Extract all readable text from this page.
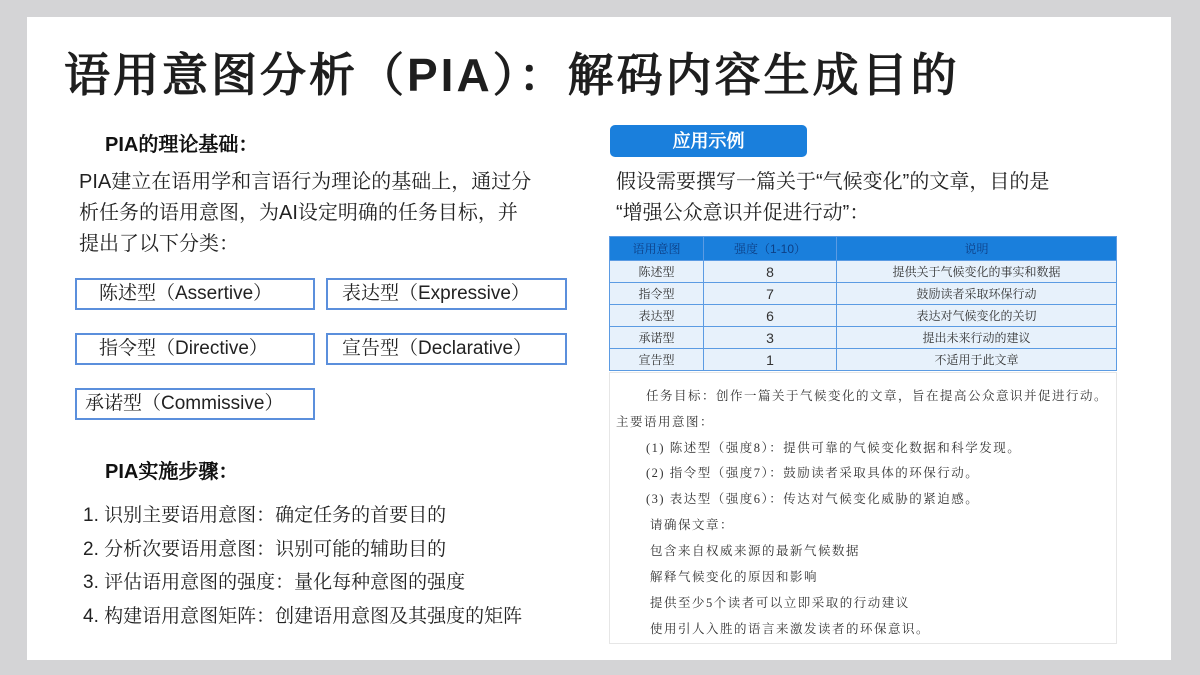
语用意图分析（PIA）：解码内容生成目的
PIA的理论基础：
PIA建立在语用学和言语行为理论的基础上，通过分
析任务的语用意图，为AI设定明确的任务目标，并
提出了以下分类：
陈述型（Assertive）	表达型（Expressive）
指令型（Directive）	宣告型（Declarative）
承诺型（Commissive）
PIA实施步骤：
1. 识别主要语用意图：确定任务的首要目的
2. 分析次要语用意图：识别可能的辅助目的
3. 评估语用意图的强度：量化每种意图的强度
4. 构建语用意图矩阵：创建语用意图及其强度的矩阵
应用示例
假设需要撰写一篇关于“气候变化”的文章，目的是
“增强公众意识并促进行动”：
语用意图	强度（1-10）	说明
陈述型	8	提供关于气候变化的事实和数据
指令型	7	鼓励读者采取环保行动
表达型	6	表达对气候变化的关切
承诺型	3	提出未来行动的建议
宣告型	1	不适用于此文章
任务目标：创作一篇关于气候变化的文章，旨在提高公众意识并促进行动。
主要语用意图：
(1) 陈述型（强度8）：提供可靠的气候变化数据和科学发现。
(2) 指令型（强度7）：鼓励读者采取具体的环保行动。
(3) 表达型（强度6）：传达对气候变化威胁的紧迫感。
请确保文章：
包含来自权威来源的最新气候数据
解释气候变化的原因和影响
提供至少5个读者可以立即采取的行动建议
使用引人入胜的语言来激发读者的环保意识。
